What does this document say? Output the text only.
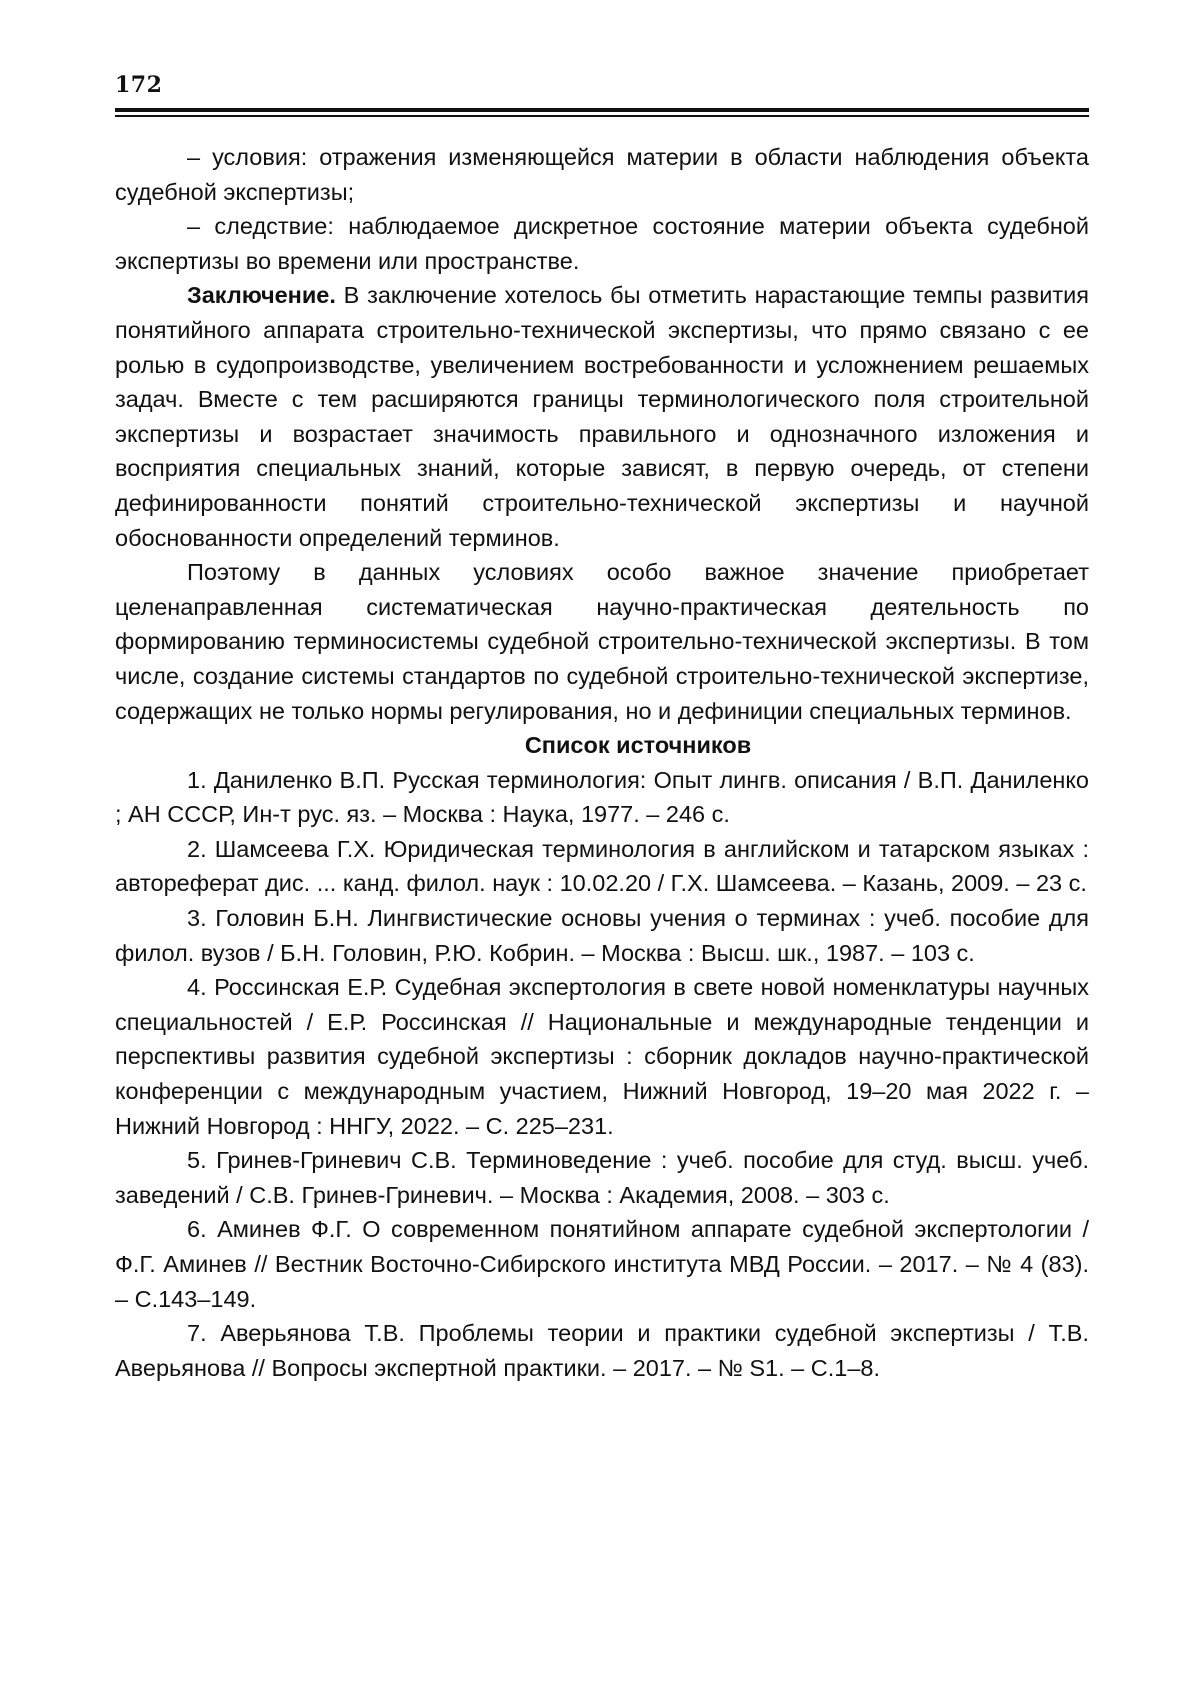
172

– условия: отражения изменяющейся материи в области наблюдения объекта судебной экспертизы;

– следствие: наблюдаемое дискретное состояние материи объекта судебной экспертизы во времени или пространстве.

Заключение. В заключение хотелось бы отметить нарастающие темпы развития понятийного аппарата строительно-технической экспертизы, что прямо связано с ее ролью в судопроизводстве, увеличением востребованности и усложнением решаемых задач. Вместе с тем расширяются границы терминологического поля строительной экспертизы и возрастает значимость правильного и однозначного изложения и восприятия специальных знаний, которые зависят, в первую очередь, от степени дефинированности понятий строительно-технической экспертизы и научной обоснованности определений терминов.

Поэтому в данных условиях особо важное значение приобретает целенаправленная систематическая научно-практическая деятельность по формированию терминосистемы судебной строительно-технической экспертизы. В том числе, создание системы стандартов по судебной строительно-технической экспертизе, содержащих не только нормы регулирования, но и дефиниции специальных терминов.

Список источников

1. Даниленко В.П. Русская терминология: Опыт лингв. описания / В.П. Даниленко ; АН СССР, Ин-т рус. яз. – Москва : Наука, 1977. – 246 с.

2. Шамсеева Г.Х. Юридическая терминология в английском и татарском языках : автореферат дис. ... канд. филол. наук : 10.02.20 / Г.Х. Шамсеева. – Казань, 2009. – 23 с.

3. Головин Б.Н. Лингвистические основы учения о терминах : учеб. пособие для филол. вузов / Б.Н. Головин, Р.Ю. Кобрин. – Москва : Высш. шк., 1987. – 103 с.

4. Россинская Е.Р. Судебная экспертология в свете новой номенклатуры научных специальностей / Е.Р. Россинская // Национальные и международные тенденции и перспективы развития судебной экспертизы : сборник докладов научно-практической конференции с международным участием, Нижний Новгород, 19–20 мая 2022 г. – Нижний Новгород : ННГУ, 2022. – С. 225–231.

5. Гринев-Гриневич С.В. Терминоведение : учеб. пособие для студ. высш. учеб. заведений / С.В. Гринев-Гриневич. – Москва : Академия, 2008. – 303 с.

6. Аминев Ф.Г. О современном понятийном аппарате судебной экспертологии / Ф.Г. Аминев // Вестник Восточно-Сибирского института МВД России. – 2017. – № 4 (83). – С.143–149.

7. Аверьянова Т.В. Проблемы теории и практики судебной экспертизы / Т.В. Аверьянова // Вопросы экспертной практики. – 2017. – № S1. – С.1–8.
